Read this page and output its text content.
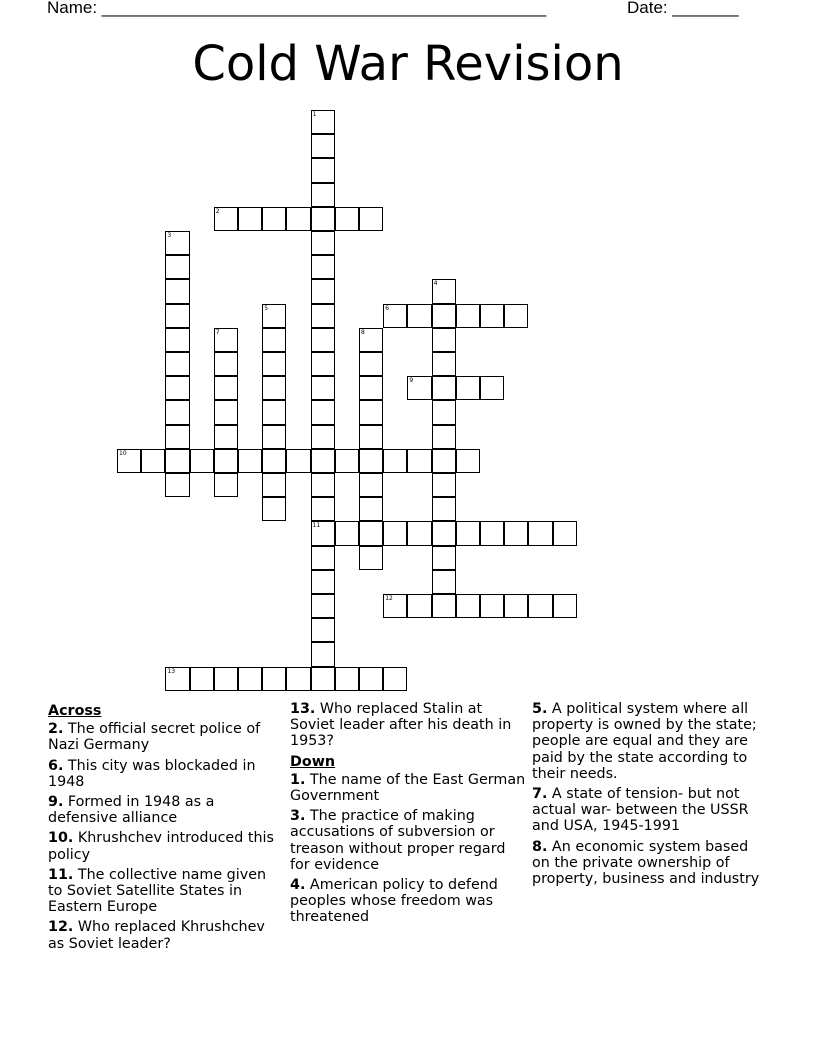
Name: _______________________________________________	Date: _______
Cold War Revision
1
11
2
3
4
5	6
7	8
9
10
12
13
Across
2. The official secret police of Nazi Germany
6. This city was blockaded in 1948
9. Formed in 1948 as a defensive alliance
10. Khrushchev introduced this policy
11. The collective name given to Soviet Satellite States in Eastern Europe
12. Who replaced Khrushchev as Soviet leader?
13. Who replaced Stalin at Soviet leader after his death in 1953?
Down
1. The name of the East German Government
3. The practice of making accusations of subversion or treason without proper regard for evidence
4. American policy to defend peoples whose freedom was threatened
5. A political system where all property is owned by the state; people are equal and they are paid by the state according to their needs.
7. A state of tension- but not actual war- between the USSR and USA, 1945-1991
8. An economic system based on the private ownership of property, business and industry
